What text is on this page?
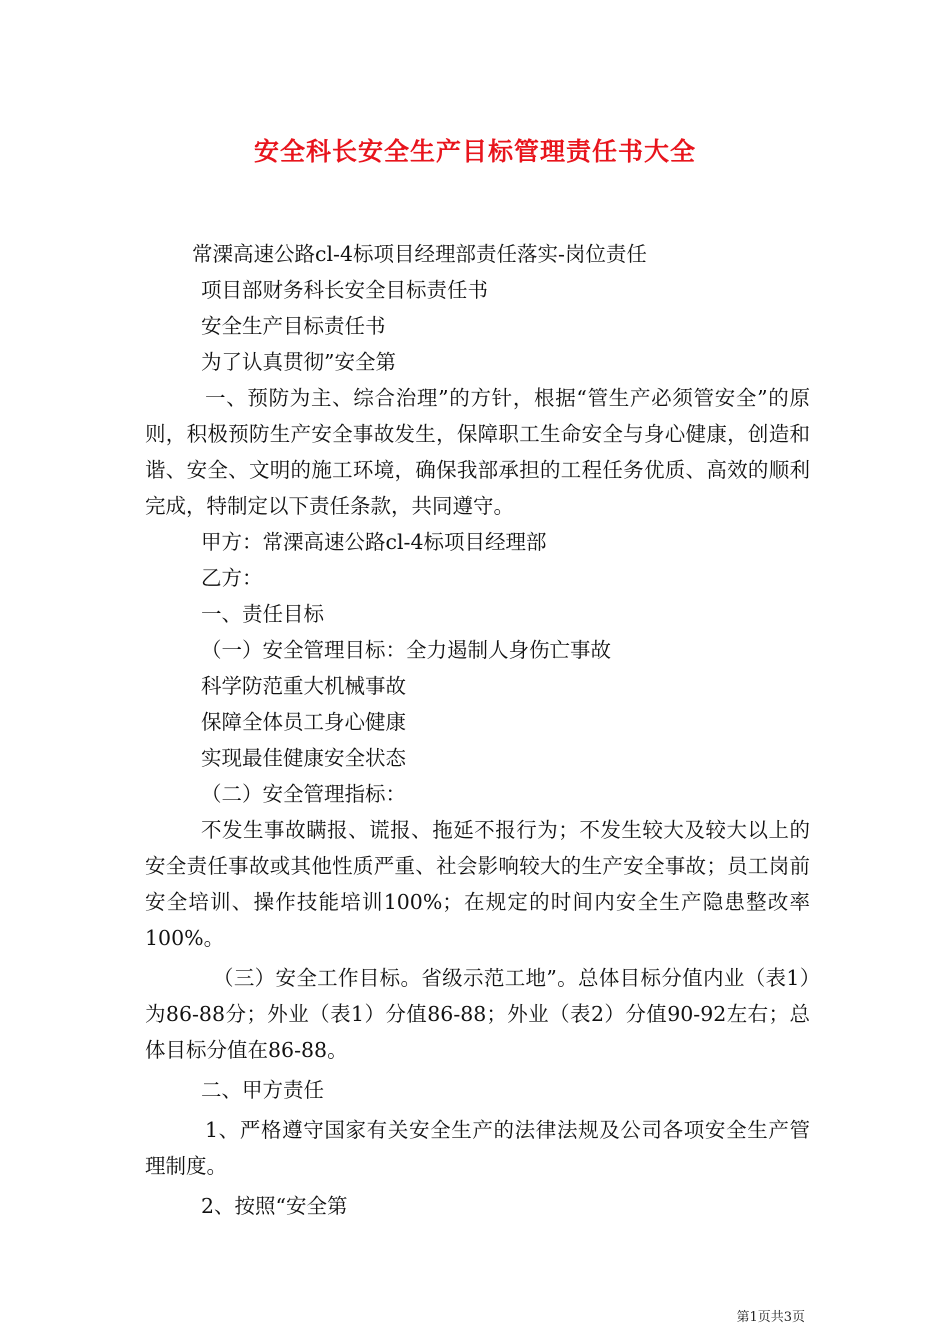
安全科长安全生产目标管理责任书大全

常溧高速公路cl-4标项目经理部责任落实-岗位责任

项目部财务科长安全目标责任书

安全生产目标责任书

为了认真贯彻”安全第

一、预防为主、综合治理”的方针，根据“管生产必须管安全”的原则，积极预防生产安全事故发生，保障职工生命安全与身心健康，创造和谐、安全、文明的施工环境，确保我部承担的工程任务优质、高效的顺利完成，特制定以下责任条款，共同遵守。

甲方：常溧高速公路cl-4标项目经理部

乙方：

一、责任目标

（一）安全管理目标：全力遏制人身伤亡事故

科学防范重大机械事故

保障全体员工身心健康

实现最佳健康安全状态

（二）安全管理指标：

不发生事故瞒报、谎报、拖延不报行为；不发生较大及较大以上的安全责任事故或其他性质严重、社会影响较大的生产安全事故；员工岗前安全培训、操作技能培训100%；在规定的时间内安全生产隐患整改率100%。

（三）安全工作目标。省级示范工地”。总体目标分值内业（表1）为86-88分；外业（表1）分值86-88；外业（表2）分值90-92左右；总体目标分值在86-88。

二、甲方责任

1、严格遵守国家有关安全生产的法律法规及公司各项安全生产管理制度。

2、按照“安全第

第1页共3页
